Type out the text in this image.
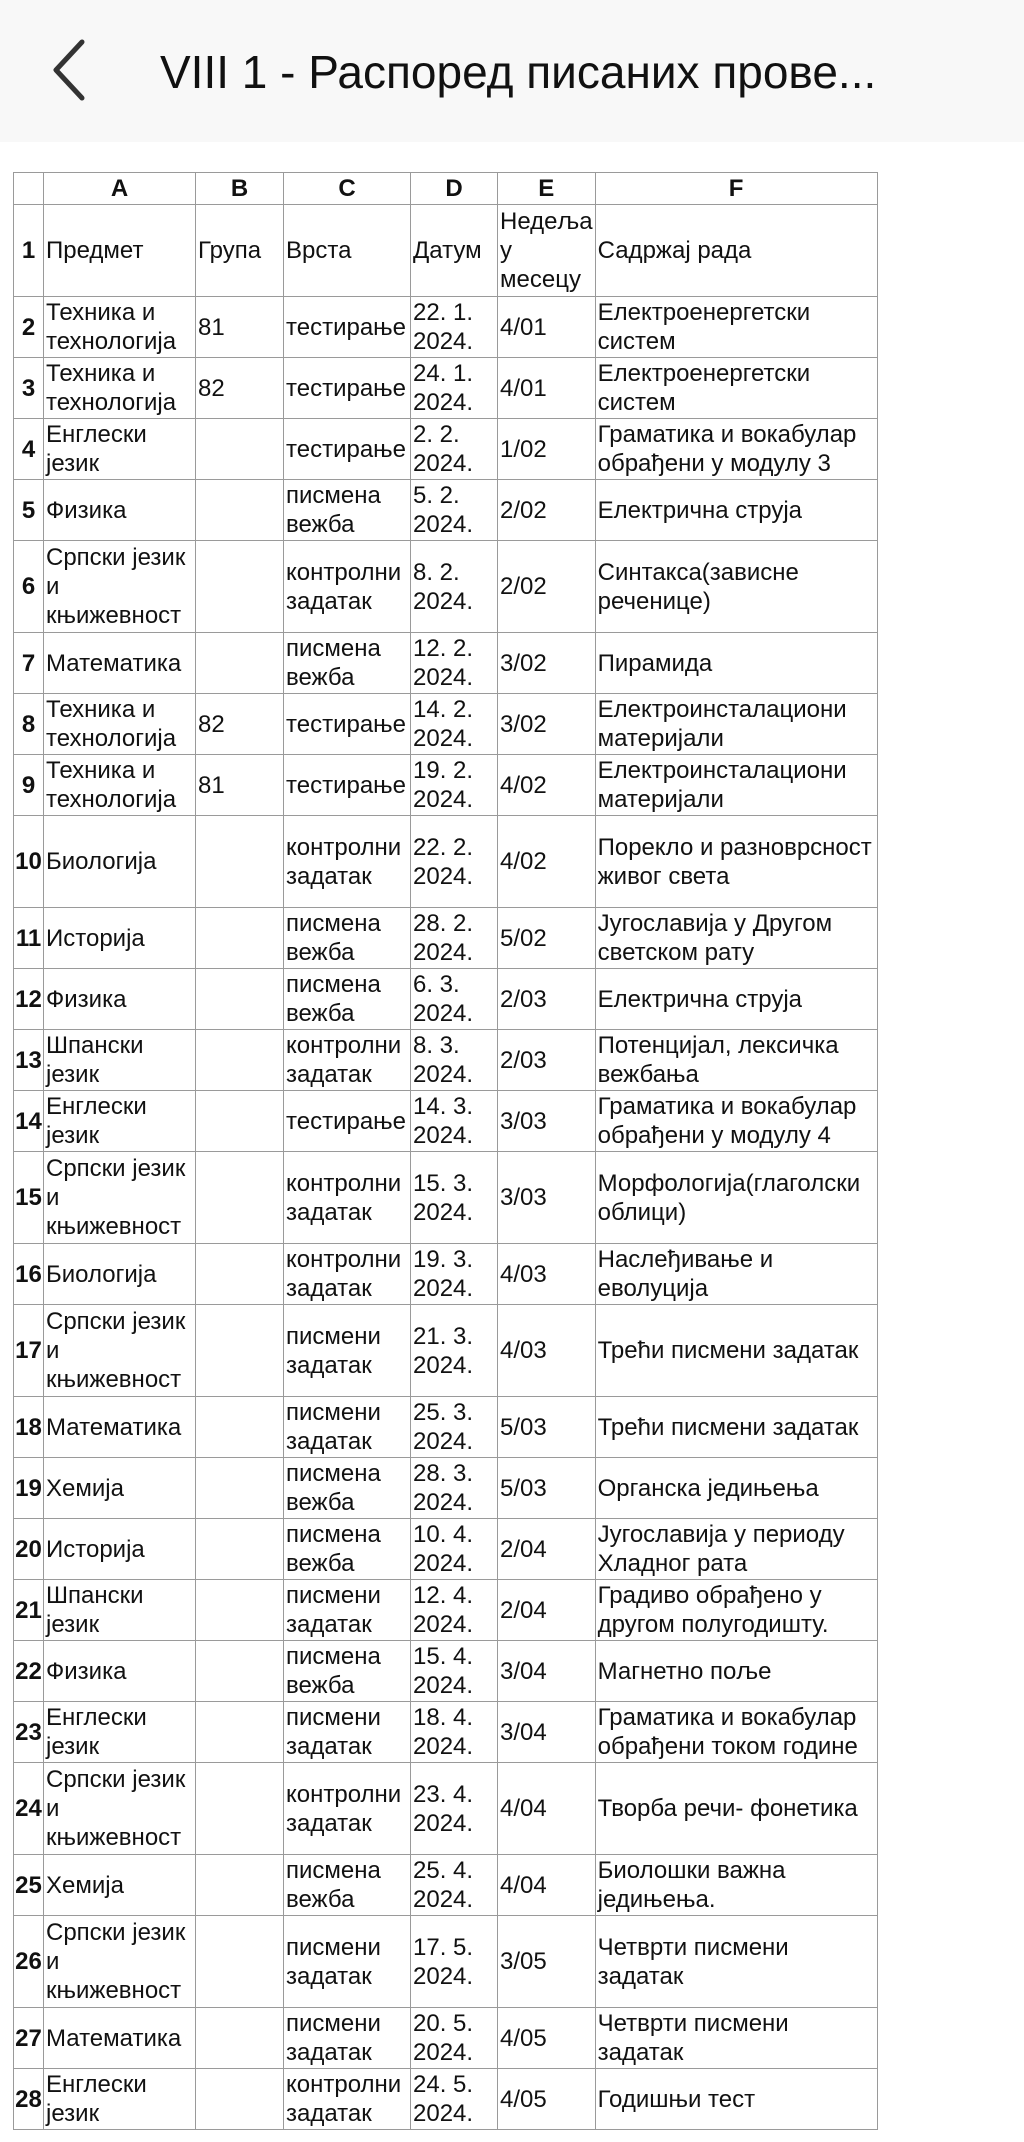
VIII 1 - Распоред писаних прове...
	A	B	C	D	E	F
1	Предмет	Група	Врста	Датум	Недеља у месецу	Садржај рада
2	Техника и технологија	81	тестирање	22. 1. 2024.	4/01	Електроенергетски систем
3	Техника и технологија	82	тестирање	24. 1. 2024.	4/01	Електроенергетски систем
4	Енглески језик		тестирање	2. 2. 2024.	1/02	Граматика и вокабулар обрађени у модулу 3
5	Физика		писмена вежба	5. 2. 2024.	2/02	Електрична струја
6	Српски језик и књижевност		контролни задатак	8. 2. 2024.	2/02	Синтакса(зависне реченице)
7	Математика		писмена вежба	12. 2. 2024.	3/02	Пирамида
8	Техника и технологија	82	тестирање	14. 2. 2024.	3/02	Електроинсталациони материјали
9	Техника и технологија	81	тестирање	19. 2. 2024.	4/02	Електроинсталациони материјали
10	Биологија		контролни задатак	22. 2. 2024.	4/02	Порекло и разноврсност живог света
11	Историја		писмена вежба	28. 2. 2024.	5/02	Југославија у Другом светском рату
12	Физика		писмена вежба	6. 3. 2024.	2/03	Електрична струја
13	Шпански језик		контролни задатак	8. 3. 2024.	2/03	Потенцијал, лексичка вежбања
14	Енглески језик		тестирање	14. 3. 2024.	3/03	Граматика и вокабулар обрађени у модулу 4
15	Српски језик и књижевност		контролни задатак	15. 3. 2024.	3/03	Морфологија(глаголски облици)
16	Биологија		контролни задатак	19. 3. 2024.	4/03	Наслеђивање и еволуција
17	Српски језик и књижевност		писмени задатак	21. 3. 2024.	4/03	Трећи писмени задатак
18	Математика		писмени задатак	25. 3. 2024.	5/03	Трећи писмени задатак
19	Хемија		писмена вежба	28. 3. 2024.	5/03	Органска једињења
20	Историја		писмена вежба	10. 4. 2024.	2/04	Југославија у периоду Хладног рата
21	Шпански језик		писмени задатак	12. 4. 2024.	2/04	Градиво обрађено у другом полугодишту.
22	Физика		писмена вежба	15. 4. 2024.	3/04	Магнетно поље
23	Енглески језик		писмени задатак	18. 4. 2024.	3/04	Граматика и вокабулар обрађени током године
24	Српски језик и књижевност		контролни задатак	23. 4. 2024.	4/04	Творба речи- фонетика
25	Хемија		писмена вежба	25. 4. 2024.	4/04	Биолошки важна једињења.
26	Српски језик и књижевност		писмени задатак	17. 5. 2024.	3/05	Четврти писмени задатак
27	Математика		писмени задатак	20. 5. 2024.	4/05	Четврти писмени задатак
28	Енглески језик		контролни задатак	24. 5. 2024.	4/05	Годишњи тест
